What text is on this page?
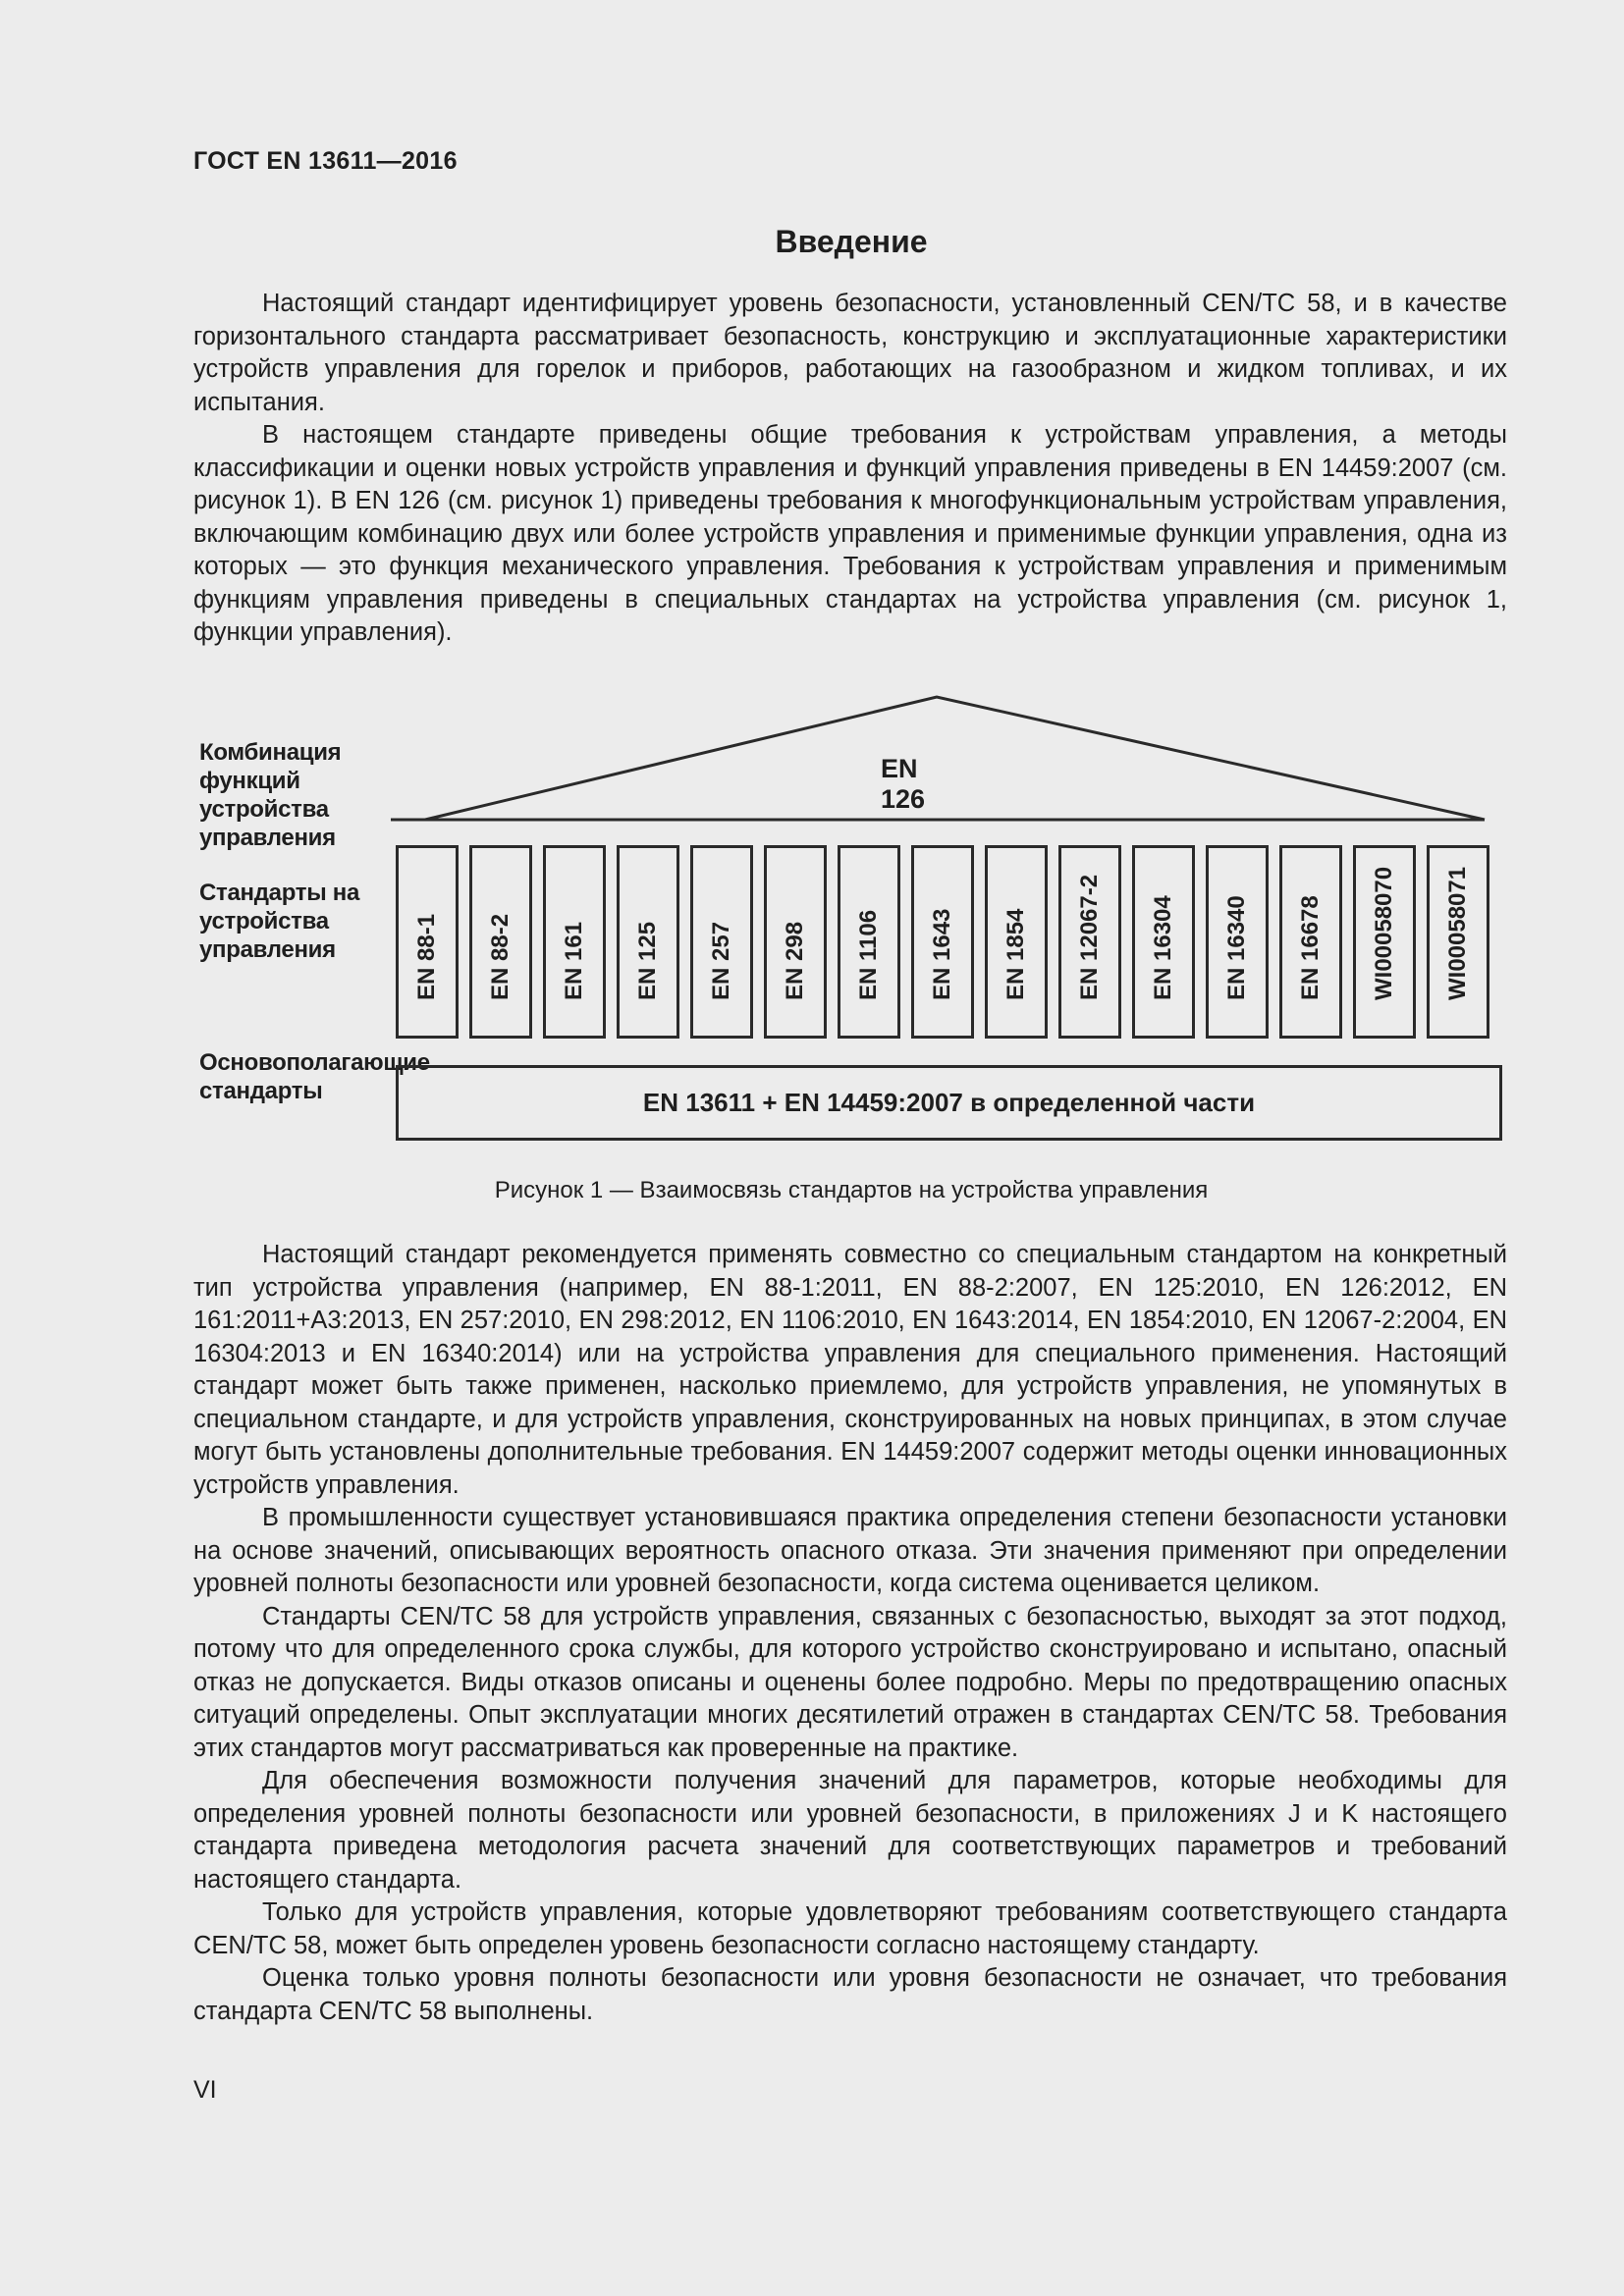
ГОСТ EN 13611—2016
Введение

Настоящий стандарт идентифицирует уровень безопасности, установленный CEN/TC 58, и в качестве горизонтального стандарта рассматривает безопасность, конструкцию и эксплуатационные характеристики устройств управления для горелок и приборов, работающих на газообразном и жидком топливах, и их испытания.

В настоящем стандарте приведены общие требования к устройствам управления, а методы классификации и оценки новых устройств управления и функций управления приведены в EN 14459:2007 (см. рисунок 1). В EN 126 (см. рисунок 1) приведены требования к многофункциональным устройствам управления, включающим комбинацию двух или более устройств управления и применимые функции управления, одна из которых — это функция механического управления. Требования к устройствам управления и применимым функциям управления приведены в специальных стандартах на устройства управления (см. рисунок 1, функции управления).

Комбинация функций устройства управления
EN 126
Стандарты на устройства управления	EN 88-1 EN 88-2 EN 161 EN 125 EN 257 EN 298 EN 1106 EN 1643 EN 1854 EN 12067-2 EN 16304 EN 16340 EN 16678 WI00058070 WI00058071
Основополагающие стандарты	EN 13611 + EN 14459:2007 в определенной части
Рисунок 1 — Взаимосвязь стандартов на устройства управления

Настоящий стандарт рекомендуется применять совместно со специальным стандартом на конкретный тип устройства управления (например, EN 88-1:2011, EN 88-2:2007, EN 125:2010, EN 126:2012, EN 161:2011+A3:2013, EN 257:2010, EN 298:2012, EN 1106:2010, EN 1643:2014, EN 1854:2010, EN 12067-2:2004, EN 16304:2013 и EN 16340:2014) или на устройства управления для специального применения. Настоящий стандарт может быть также применен, насколько приемлемо, для устройств управления, не упомянутых в специальном стандарте, и для устройств управления, сконструированных на новых принципах, в этом случае могут быть установлены дополнительные требования. EN 14459:2007 содержит методы оценки инновационных устройств управления.

В промышленности существует установившаяся практика определения степени безопасности установки на основе значений, описывающих вероятность опасного отказа. Эти значения применяют при определении уровней полноты безопасности или уровней безопасности, когда система оценивается целиком.

Стандарты CEN/TC 58 для устройств управления, связанных с безопасностью, выходят за этот подход, потому что для определенного срока службы, для которого устройство сконструировано и испытано, опасный отказ не допускается. Виды отказов описаны и оценены более подробно. Меры по предотвращению опасных ситуаций определены. Опыт эксплуатации многих десятилетий отражен в стандартах CEN/TC 58. Требования этих стандартов могут рассматриваться как проверенные на практике.

Для обеспечения возможности получения значений для параметров, которые необходимы для определения уровней полноты безопасности или уровней безопасности, в приложениях J и K настоящего стандарта приведена методология расчета значений для соответствующих параметров и требований настоящего стандарта.

Только для устройств управления, которые удовлетворяют требованиям соответствующего стандарта CEN/TC 58, может быть определен уровень безопасности согласно настоящему стандарту.

Оценка только уровня полноты безопасности или уровня безопасности не означает, что требования стандарта CEN/TC 58 выполнены.

VI
